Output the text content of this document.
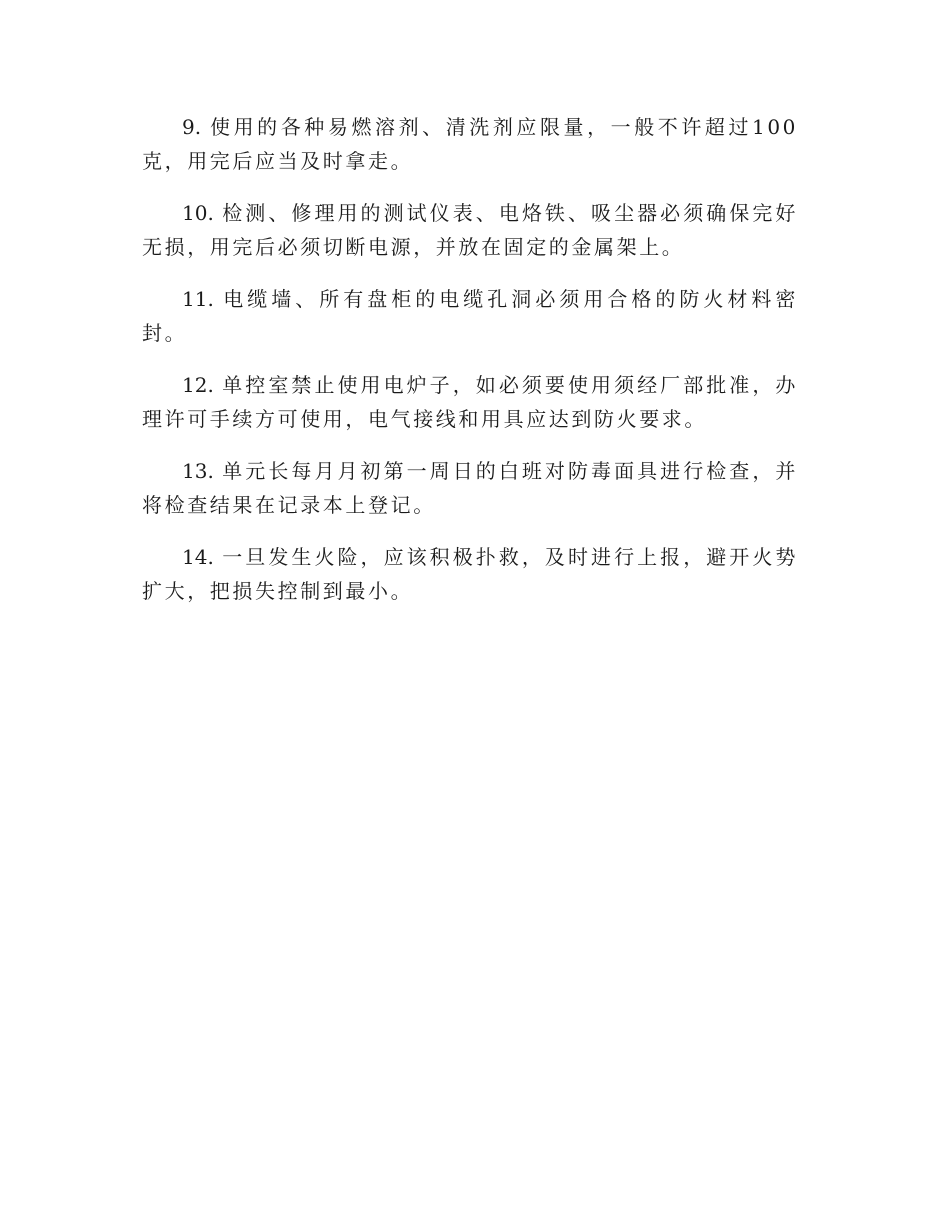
9. 使用的各种易燃溶剂、清洗剂应限量，一般不许超过100克，用完后应当及时拿走。

10. 检测、修理用的测试仪表、电烙铁、吸尘器必须确保完好无损，用完后必须切断电源，并放在固定的金属架上。

11. 电缆墙、所有盘柜的电缆孔洞必须用合格的防火材料密封。

12. 单控室禁止使用电炉子，如必须要使用须经厂部批准，办理许可手续方可使用，电气接线和用具应达到防火要求。

13. 单元长每月月初第一周日的白班对防毒面具进行检查，并将检查结果在记录本上登记。

14. 一旦发生火险，应该积极扑救，及时进行上报，避开火势扩大，把损失控制到最小。
